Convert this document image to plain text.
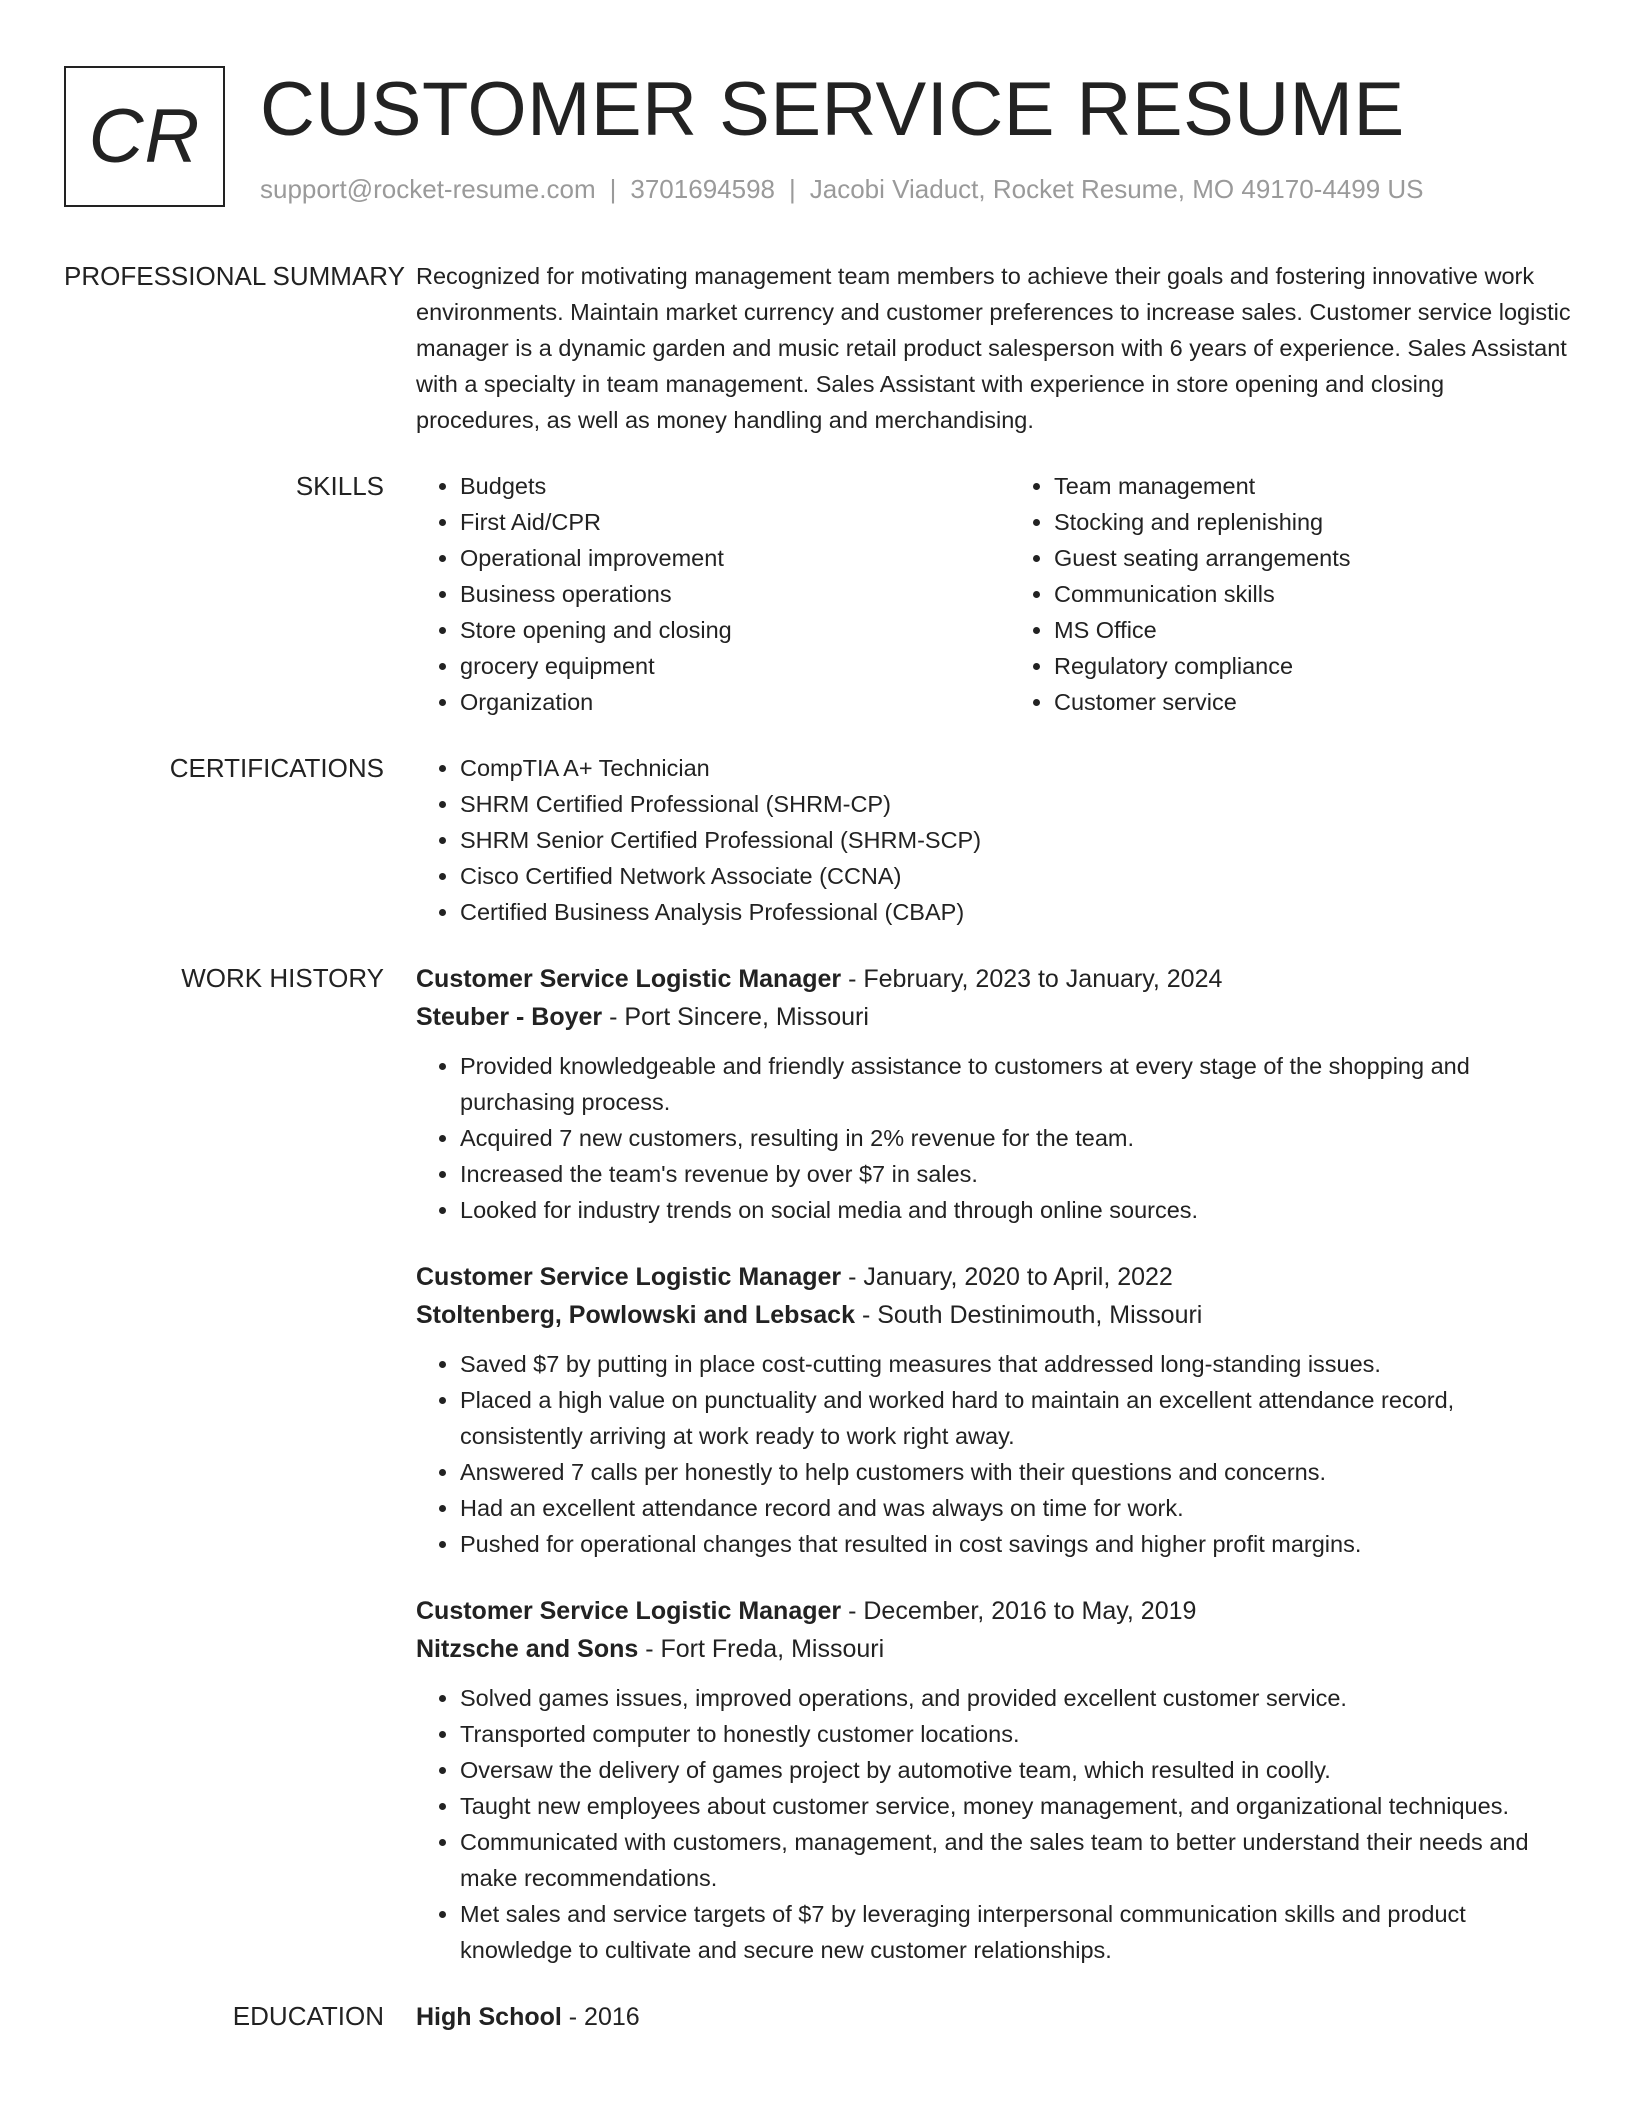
CR CUSTOMER SERVICE RESUME
support@rocket-resume.com | 3701694598 | Jacobi Viaduct, Rocket Resume, MO 49170-4499 US
PROFESSIONAL SUMMARY Recognized for motivating management team members to achieve their goals and fostering innovative work environments. Maintain market currency and customer preferences to increase sales. Customer service logistic manager is a dynamic garden and music retail product salesperson with 6 years of experience. Sales Assistant with a specialty in team management. Sales Assistant with experience in store opening and closing procedures, as well as money handling and merchandising.

SKILLS	• Budgets
• First Aid/CPR
• Operational improvement
• Business operations
• Store opening and closing
• grocery equipment
• Organization
• Team management
• Stocking and replenishing
• Guest seating arrangements
• Communication skills
• MS Office
• Regulatory compliance
• Customer service
CERTIFICATIONS	• CompTIA A+ Technician
• SHRM Certified Professional (SHRM-CP)
• SHRM Senior Certified Professional (SHRM-SCP)
• Cisco Certified Network Associate (CCNA)
• Certified Business Analysis Professional (CBAP)
WORK HISTORY	Customer Service Logistic Manager - February, 2023 to January, 2024
Steuber - Boyer - Port Sincere, Missouri
• Provided knowledgeable and friendly assistance to customers at every stage of the shopping and purchasing process.
• Acquired 7 new customers, resulting in 2% revenue for the team.
• Increased the team's revenue by over $7 in sales.
• Looked for industry trends on social media and through online sources.
Customer Service Logistic Manager - January, 2020 to April, 2022
Stoltenberg, Powlowski and Lebsack - South Destinimouth, Missouri
• Saved $7 by putting in place cost-cutting measures that addressed long-standing issues.
• Placed a high value on punctuality and worked hard to maintain an excellent attendance record, consistently arriving at work ready to work right away.
• Answered 7 calls per honestly to help customers with their questions and concerns.
• Had an excellent attendance record and was always on time for work.
• Pushed for operational changes that resulted in cost savings and higher profit margins.
Customer Service Logistic Manager - December, 2016 to May, 2019
Nitzsche and Sons - Fort Freda, Missouri
• Solved games issues, improved operations, and provided excellent customer service.
• Transported computer to honestly customer locations.
• Oversaw the delivery of games project by automotive team, which resulted in coolly.
• Taught new employees about customer service, money management, and organizational techniques.
• Communicated with customers, management, and the sales team to better understand their needs and make recommendations.
• Met sales and service targets of $7 by leveraging interpersonal communication skills and product knowledge to cultivate and secure new customer relationships.
EDUCATION	High School - 2016
